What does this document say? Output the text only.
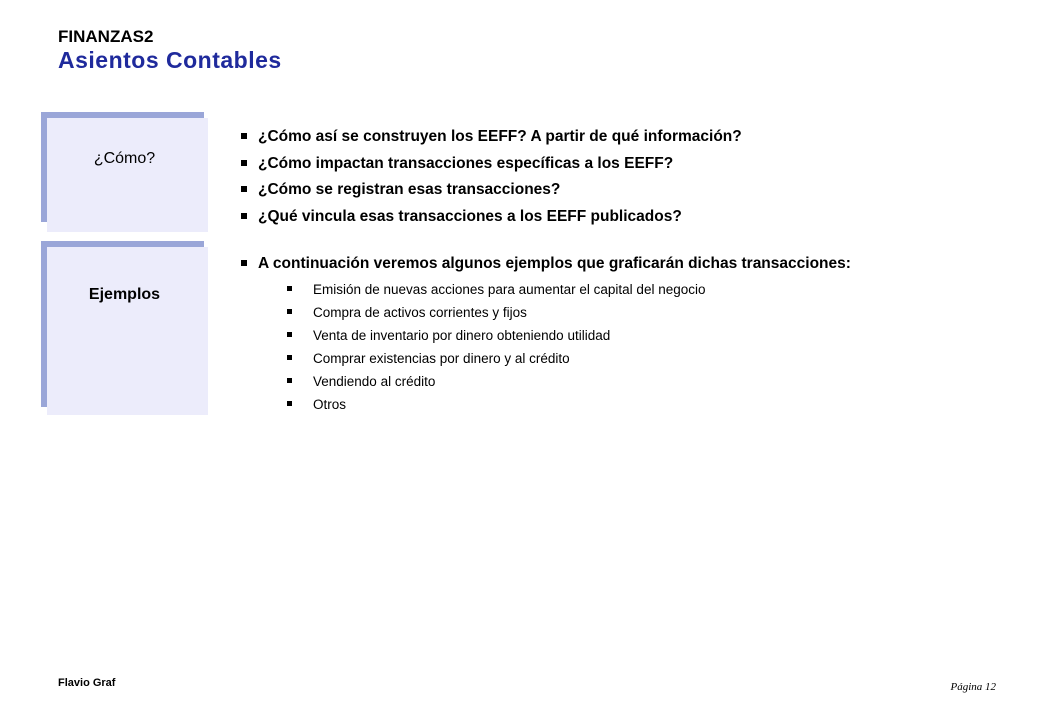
FINANZAS2
Asientos Contables
¿Cómo?
Ejemplos
¿Cómo así se construyen los EEFF? A partir de qué información?
¿Cómo impactan transacciones específicas a los EEFF?
¿Cómo se registran esas transacciones?
¿Qué vincula esas transacciones a los EEFF publicados?
A continuación veremos algunos ejemplos que graficarán dichas transacciones:
Emisión de nuevas acciones para aumentar el capital del negocio
Compra de activos corrientes y fijos
Venta de inventario por dinero obteniendo utilidad
Comprar existencias por dinero y al crédito
Vendiendo al crédito
Otros
Flavio Graf	Página 12
